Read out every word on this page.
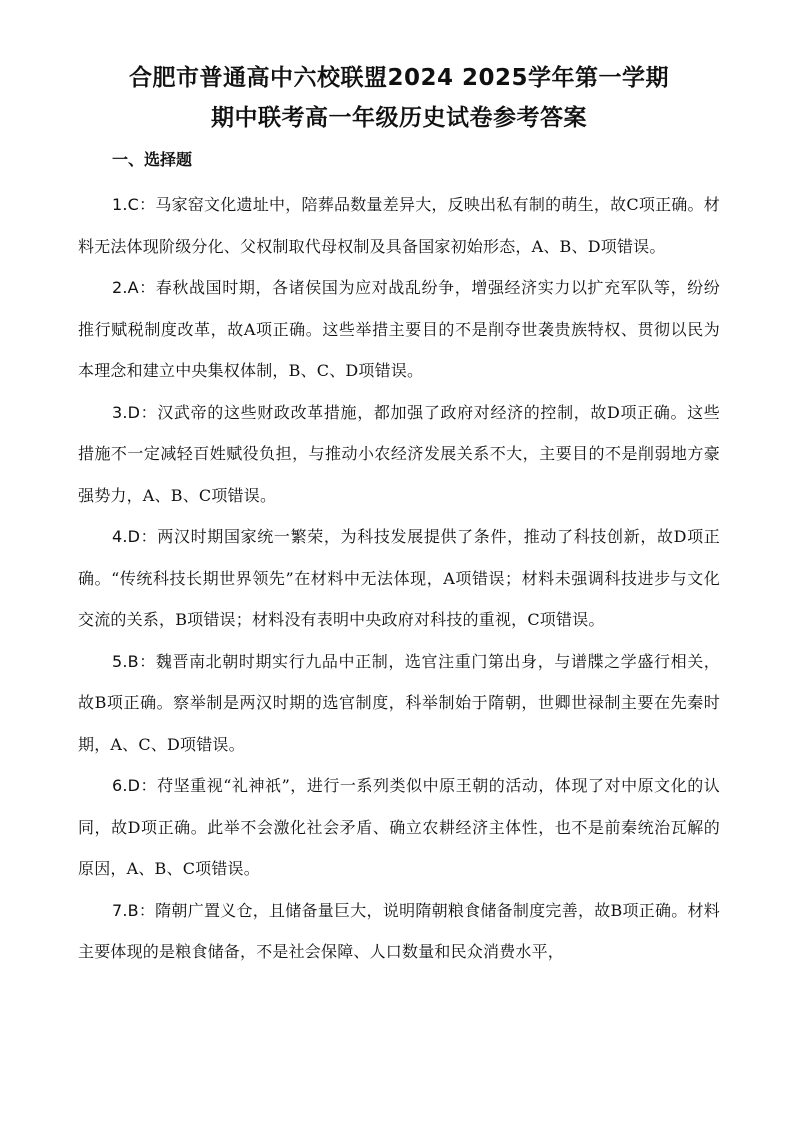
合肥市普通高中六校联盟2024 2025学年第一学期
期中联考高一年级历史试卷参考答案
一、选择题

1.C：马家窑文化遗址中，陪葬品数量差异大，反映出私有制的萌生，故C项正确。材料无法体现阶级分化、父权制取代母权制及具备国家初始形态，A、B、D项错误。

2.A：春秋战国时期，各诸侯国为应对战乱纷争，增强经济实力以扩充军队等，纷纷推行赋税制度改革，故A项正确。这些举措主要目的不是削夺世袭贵族特权、贯彻以民为本理念和建立中央集权体制，B、C、D项错误。

3.D：汉武帝的这些财政改革措施，都加强了政府对经济的控制，故D项正确。这些措施不一定减轻百姓赋役负担，与推动小农经济发展关系不大，主要目的不是削弱地方豪强势力，A、B、C项错误。

4.D：两汉时期国家统一繁荣，为科技发展提供了条件，推动了科技创新，故D项正确。“传统科技长期世界领先”在材料中无法体现，A项错误；材料未强调科技进步与文化交流的关系，B项错误；材料没有表明中央政府对科技的重视，C项错误。

5.B：魏晋南北朝时期实行九品中正制，选官注重门第出身，与谱牒之学盛行相关，故B项正确。察举制是两汉时期的选官制度，科举制始于隋朝，世卿世禄制主要在先秦时期，A、C、D项错误。

6.D：苻坚重视“礼神祇”，进行一系列类似中原王朝的活动，体现了对中原文化的认同，故D项正确。此举不会激化社会矛盾、确立农耕经济主体性，也不是前秦统治瓦解的原因，A、B、C项错误。

7.B：隋朝广置义仓，且储备量巨大，说明隋朝粮食储备制度完善，故B项正确。材料主要体现的是粮食储备，不是社会保障、人口数量和民众消费水平，
